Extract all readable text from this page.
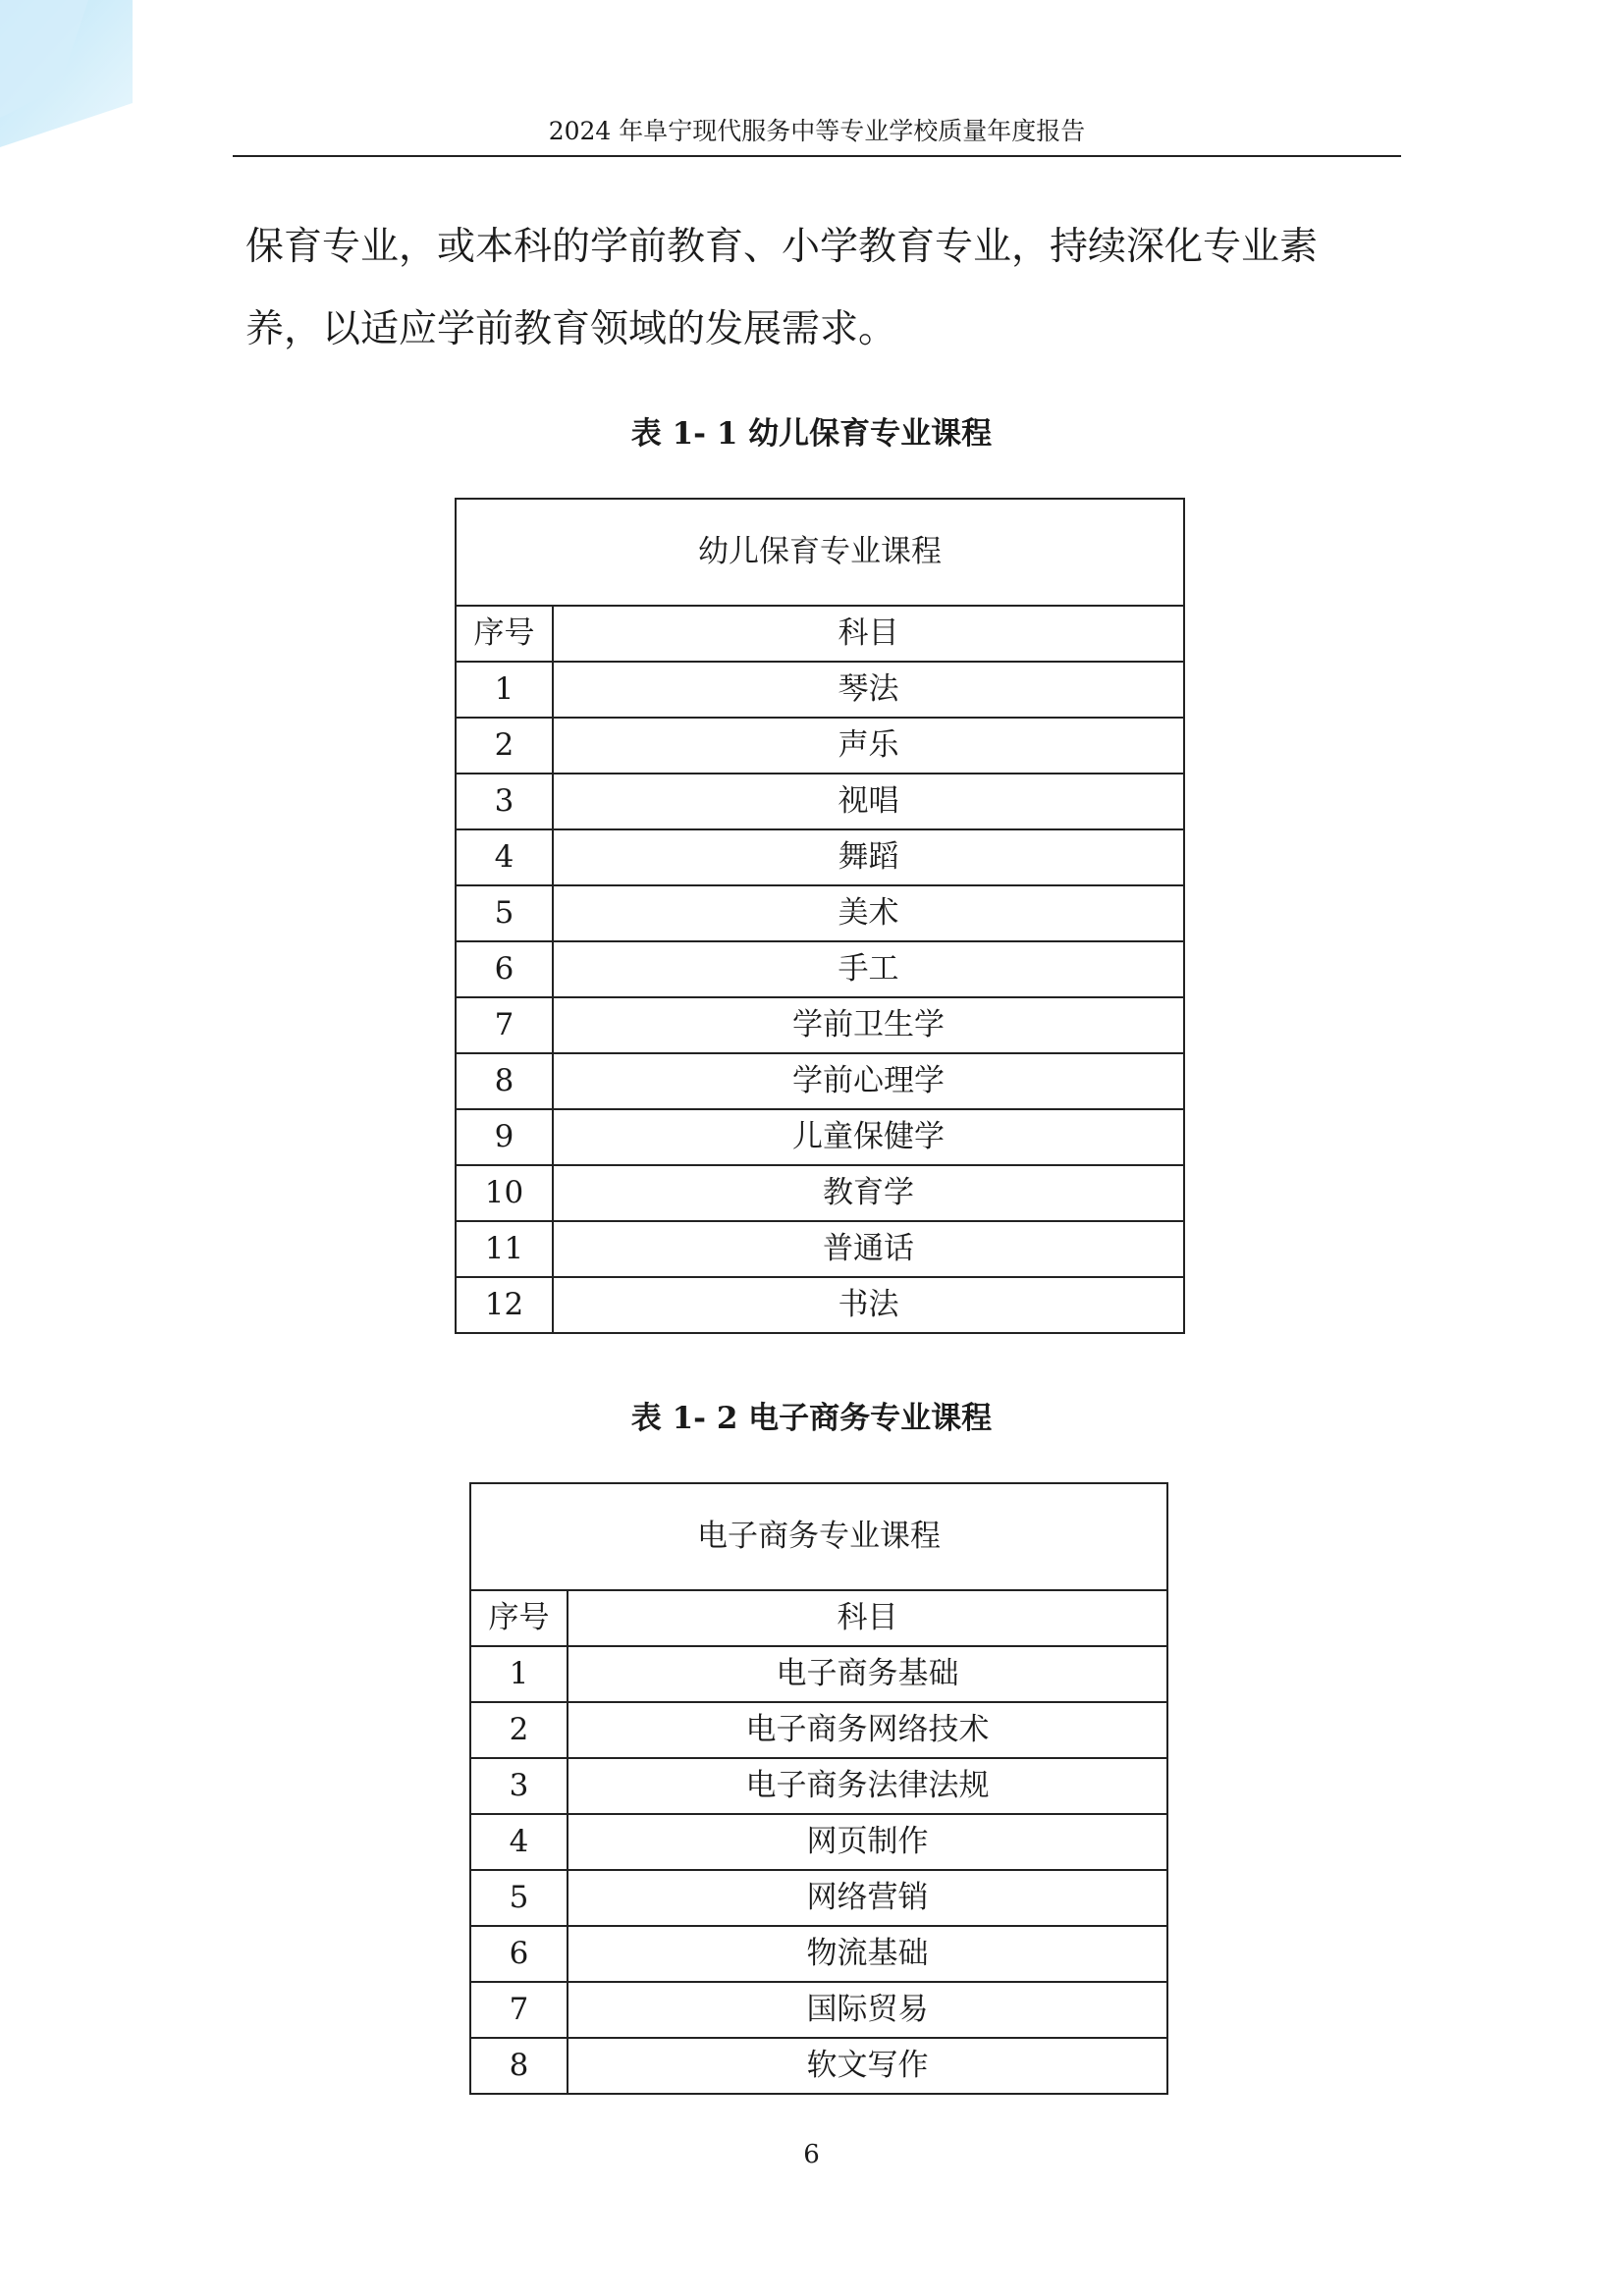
2024 年阜宁现代服务中等专业学校质量年度报告
保育专业，或本科的学前教育、小学教育专业，持续深化专业素
养，以适应学前教育领域的发展需求。
表 1- 1 幼儿保育专业课程
幼儿保育专业课程	
序号	科目
1	琴法
2	声乐
3	视唱
4	舞蹈
5	美术
6	手工
7	学前卫生学
8	学前心理学
9	儿童保健学
10	教育学
11	普通话
12	书法
表 1- 2 电子商务专业课程
电子商务专业课程	
序号	科目
1	电子商务基础
2	电子商务网络技术
3	电子商务法律法规
4	网页制作
5	网络营销
6	物流基础
7	国际贸易
8	软文写作
6
